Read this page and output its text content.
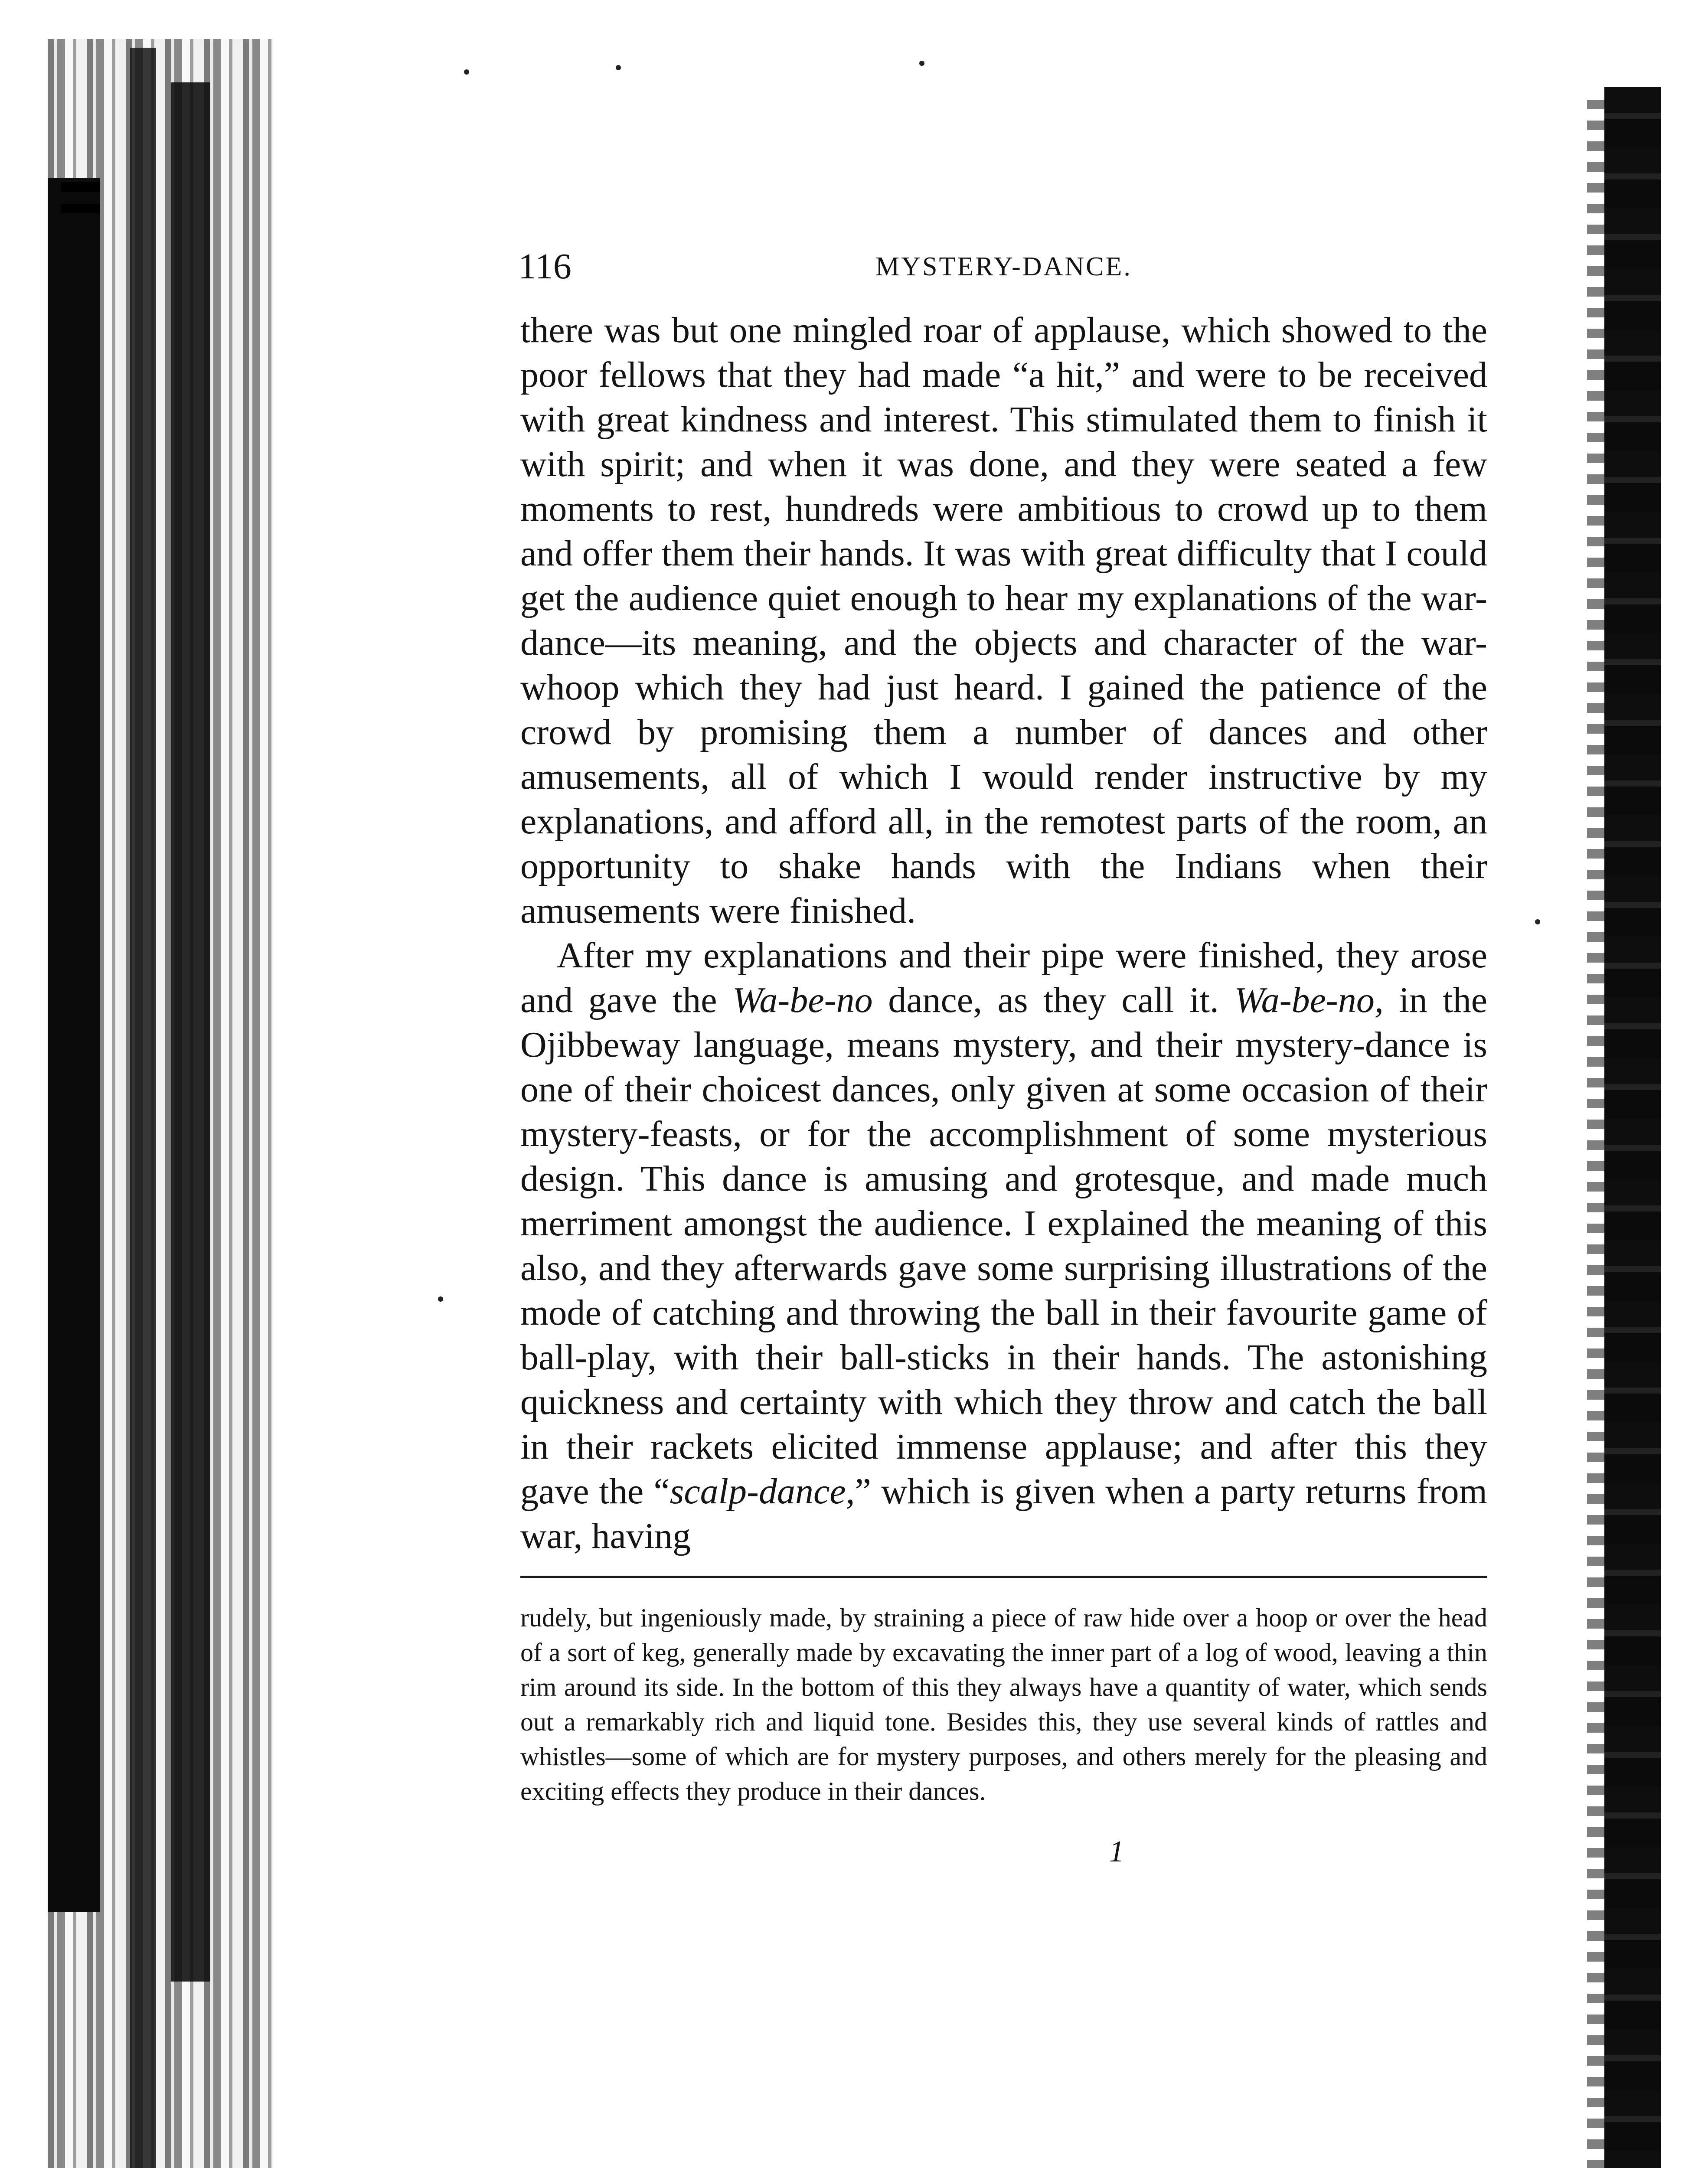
116	MYSTERY-DANCE.

there was but one mingled roar of applause, which showed to the poor fellows that they had made “a hit,” and were to be received with great kindness and interest. This stimulated them to finish it with spirit; and when it was done, and they were seated a few moments to rest, hundreds were ambitious to crowd up to them and offer them their hands. It was with great difficulty that I could get the audience quiet enough to hear my explanations of the war-dance—its meaning, and the objects and character of the war-whoop which they had just heard. I gained the patience of the crowd by promising them a number of dances and other amusements, all of which I would render instructive by my explanations, and afford all, in the remotest parts of the room, an opportunity to shake hands with the Indians when their amusements were finished.

After my explanations and their pipe were finished, they arose and gave the Wa-be-no dance, as they call it. Wa-be-no, in the Ojibbeway language, means mystery, and their mystery-dance is one of their choicest dances, only given at some occasion of their mystery-feasts, or for the accomplishment of some mysterious design. This dance is amusing and grotesque, and made much merriment amongst the audience. I explained the meaning of this also, and they afterwards gave some surprising illustrations of the mode of catching and throwing the ball in their favourite game of ball-play, with their ball-sticks in their hands. The astonishing quickness and certainty with which they throw and catch the ball in their rackets elicited immense applause; and after this they gave the “scalp-dance,” which is given when a party returns from war, having

rudely, but ingeniously made, by straining a piece of raw hide over a hoop or over the head of a sort of keg, generally made by excavating the inner part of a log of wood, leaving a thin rim around its side. In the bottom of this they always have a quantity of water, which sends out a remarkably rich and liquid tone. Besides this, they use several kinds of rattles and whistles—some of which are for mystery purposes, and others merely for the pleasing and exciting effects they produce in their dances.

1
